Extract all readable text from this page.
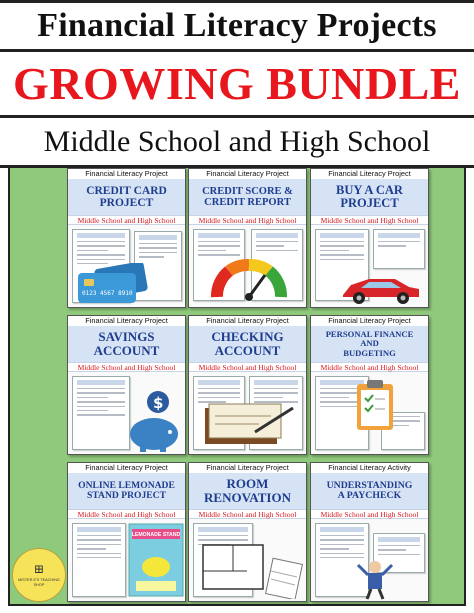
Financial Literacy Projects
GROWING BUNDLE
Middle School and High School
Financial Literacy Project
CREDIT CARD
PROJECT
Middle School and High School
0123 4567 8910
Financial Literacy Project
CREDIT SCORE &
CREDIT REPORT
Middle School and High School
Financial Literacy Project
BUY A CAR
PROJECT
Middle School and High School
Financial Literacy Project
SAVINGS
ACCOUNT
Middle School and High School
$
Financial Literacy Project
CHECKING
ACCOUNT
Middle School and High School
Financial Literacy Project
PERSONAL FINANCE
AND
BUDGETING
Middle School and High School
Financial Literacy Project
ONLINE LEMONADE
STAND PROJECT
Middle School and High School
LEMONADE STAND
Financial Literacy Project
ROOM
RENOVATION
Middle School and High School
Financial Literacy Activity
UNDERSTANDING
A PAYCHECK
Middle School and High School
⊞
MISTER E'S TEACHING SHOP
